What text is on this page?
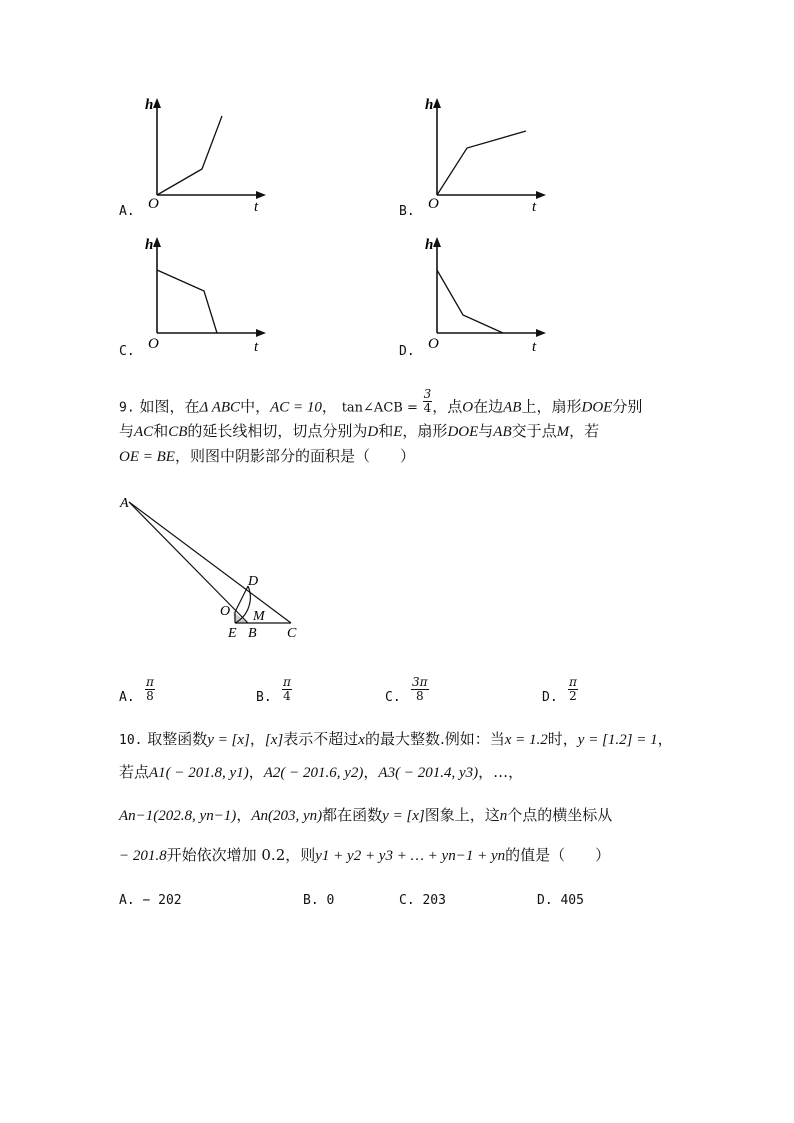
h
O	t
A.
h
O	t
B.
h
O	t
C.
h
O	t
D.
9. 如图，在Δ ABC中，AC = 10， tan∠ACB = $\frac{3}{4}$ ，点O在边AB上，扇形DOE分别
与AC和CB的延长线相切，切点分别为D和E，扇形DOE与AB交于点M，若
OE = BE，则图中阴影部分的面积是（　　）
A
D
O M
E B C
A. $\frac{\pi}{8}$	B. $\frac{\pi}{4}$	C. $\frac{3\pi}{8}$	D. $\frac{\pi}{2}$
10. 取整函数y = [x]，[x]表示不超过x的最大整数.例如：当x = 1.2时，y = [1.2] = 1，
若点A1( − 201.8, y1)，A2( − 201.6, y2)，A3( − 201.4, y3)，…，
An−1(202.8, yn−1)，An(203, yn)都在函数y = [x]图象上，这n个点的横坐标从
− 201.8开始依次增加 0.2，则y1 + y2 + y3 + … + yn−1 + yn的值是（　　）
A. − 202	B. 0	C. 203	D. 405
